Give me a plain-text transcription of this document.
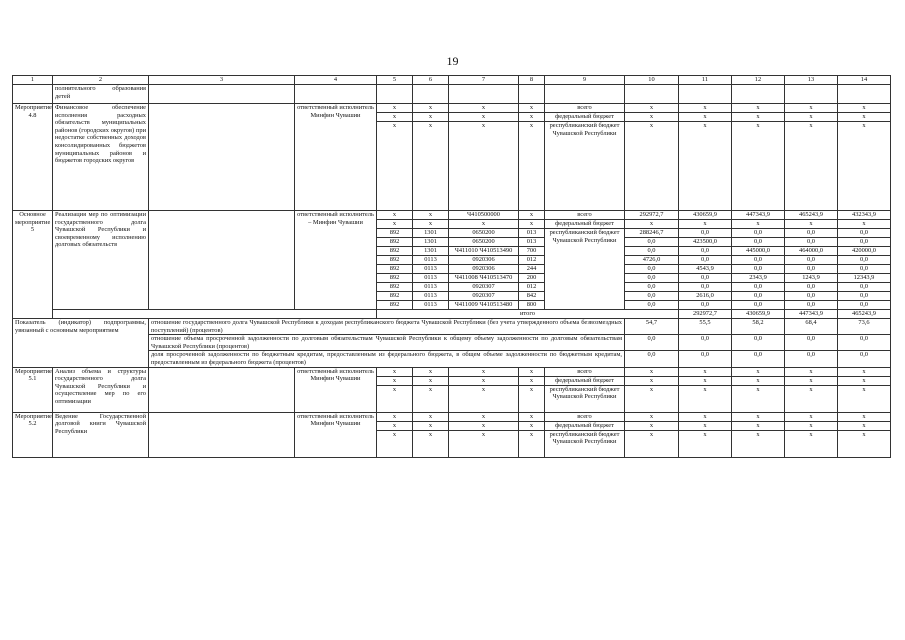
19
1	2	3	4	5	6	7	8	9	10	11	12	13	14	
	полнительного образования детей													
Мероприятие 4.8	Финансовое обеспечение исполнения расходных обязательств муниципальных районов (городских округов) при недостатке собственных доходов консолидированных бюджетов муниципальных районов и бюджетов городских округов		ответственный исполнитель Минфин Чувашии	x	x	x	x	всего	x	x	x	x	x	
				x	x	x	x	федеральный бюджет	x	x	x	x	x	
				x	x	x	x	республиканский бюджет Чувашской Республики	x	x	x	x	x	
Основное мероприятие 5	Реализация мер по оптимизации государственного долга Чувашской Республики и своевременному исполнению долговых обязательств		ответственный исполнитель – Минфин Чувашии	x	x	Ч410500000	x	всего	292972,7	430659,9	447343,9	465243,9	432343,9	
				x	x	x	x	федеральный бюджет	x	x	x	x	x	
				892	1301	0650200	013	республиканский бюджет Чувашской Республики	288246,7	0,0	0,0	0,0	0,0	
				892	1301	0650200	013		0,0	423500,0	0,0	0,0	0,0	
				892	1301	Ч411010 Ч410513490	700		0,0	0,0	445000,0	464000,0	420000,0	
				892	0113	0920306	012		4726,0	0,0	0,0	0,0	0,0	
				892	0113	0920306	244		0,0	4543,9	0,0	0,0	0,0	
				892	0113	Ч411008 Ч410513470	200		0,0	0,0	2343,9	1243,9	12343,9	
				892	0113	0920307	012		0,0	0,0	0,0	0,0	0,0	
				892	0113	0920307	842		0,0	2616,0	0,0	0,0	0,0	
				892	0113	Ч411009 Ч410513480	800		0,0	0,0	0,0	0,0	0,0	
				итого						292972,7	430659,9	447343,9	465243,9	
Показатель (индикатор) подпрограммы, увязанный с основным мероприятием		отношение государственного долга Чувашской Республики к доходам республиканского бюджета Чувашской Республики (без учета утвержденного объема безвозмездных поступлений) (процентов)							54,7	55,5	58,2	68,4	73,6	
		отношение объема просроченной задолженности по долговым обязательствам Чувашской Республики к общему объему задолженности по долговым обязательствам Чувашской Республики (процентов)							0,0	0,0	0,0	0,0	0,0	
		доля просроченной задолженности по бюджетным кредитам, предоставленным из федерального бюджета, в общем объеме задолженности по бюджетным кредитам, предоставленным из федерального бюджета (процентов)							0,0	0,0	0,0	0,0	0,0	
Мероприятие 5.1	Анализ объема и структуры государственного долга Чувашской Республики и осуществление мер по его оптимизации		ответственный исполнитель Минфин Чувашии	x	x	x	x	всего	x	x	x	x	x	
				x	x	x	x	федеральный бюджет	x	x	x	x	x	
				x	x	x	x	республиканский бюджет Чувашской Республики	x	x	x	x	x	
Мероприятие 5.2	Ведение Государственной долговой книги Чувашской Республики		ответственный исполнитель Минфин Чувашии	x	x	x	x	всего	x	x	x	x	x	
				x	x	x	x	федеральный бюджет	x	x	x	x	x	
				x	x	x	x	республиканский бюджет Чувашской Республики	x	x	x	x	x	
